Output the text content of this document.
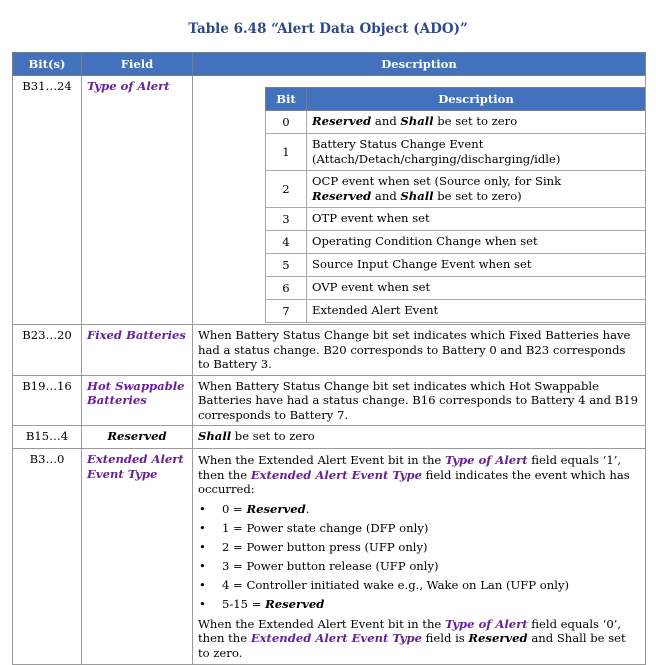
Table 6.48 “Alert Data Object (ADO)”
Bit(s)	Field	Description
B31…24	Type of Alert	
Bit	Description
0	Reserved and Shall be set to zero
1	Battery Status Change Event (Attach/Detach/charging/discharging/idle)
2	OCP event when set (Source only, for Sink
Reserved and Shall be set to zero)
3	OTP event when set
4	Operating Condition Change when set
5	Source Input Change Event when set
6	OVP event when set
7	Extended Alert Event

B23…20	Fixed Batteries	When Battery Status Change bit set indicates which Fixed Batteries have had a status change. B20 corresponds to Battery 0 and B23 corresponds to Battery 3.
B19…16	Hot Swappable Batteries	When Battery Status Change bit set indicates which Hot Swappable Batteries have had a status change. B16 corresponds to Battery 4 and B19 corresponds to Battery 7.
B15…4	Reserved	Shall be set to zero
B3…0	Extended Alert Event Type	
When the Extended Alert Event bit in the Type of Alert field equals ‘1’, then the Extended Alert Event Type field indicates the event which has occurred:
• 0 = Reserved.
• 1 = Power state change (DFP only)
• 2 = Power button press (UFP only)
• 3 = Power button release (UFP only)
• 4 = Controller initiated wake e.g., Wake on Lan (UFP only)
• 5-15 = Reserved
When the Extended Alert Event bit in the Type of Alert field equals ‘0’, then the Extended Alert Event Type field is Reserved and Shall be set to zero.
